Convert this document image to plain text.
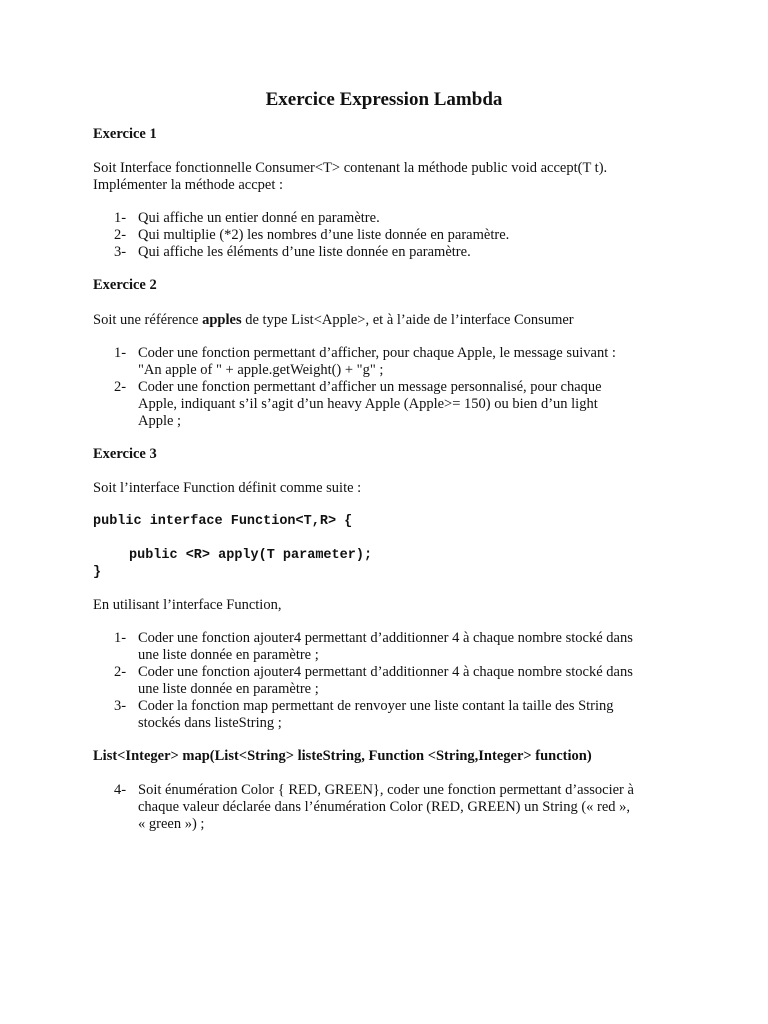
Exercice Expression Lambda
Exercice 1
Soit Interface fonctionnelle Consumer<T> contenant la méthode public void accept(T t).
Implémenter la méthode accpet :
1- Qui affiche un entier donné en paramètre.
2- Qui multiplie (*2) les nombres d’une liste donnée en paramètre.
3- Qui affiche les éléments d’une liste donnée en paramètre.
Exercice 2
Soit une référence apples de type List<Apple>, et à l’aide de l’interface Consumer
1- Coder une fonction permettant d’afficher, pour chaque Apple, le message suivant :
"An apple of " + apple.getWeight() + "g" ;
2- Coder une fonction permettant d’afficher un message personnalisé, pour chaque
Apple, indiquant s’il s’agit d’un heavy Apple (Apple>= 150) ou bien d’un light
Apple ;
Exercice 3
Soit l’interface Function définit comme suite :
public interface Function<T,R> {
public <R> apply(T parameter);
}
En utilisant l’interface Function,
1- Coder une fonction ajouter4 permettant d’additionner 4 à chaque nombre stocké dans
une liste donnée en paramètre ;
2- Coder une fonction ajouter4 permettant d’additionner 4 à chaque nombre stocké dans
une liste donnée en paramètre ;
3- Coder la fonction map permettant de renvoyer une liste contant la taille des String
stockés dans listeString ;
List<Integer> map(List<String> listeString, Function <String,Integer> function)
4- Soit énumération Color { RED, GREEN}, coder une fonction permettant d’associer à
chaque valeur déclarée dans l’énumération Color (RED, GREEN) un String (« red »,
« green ») ;
